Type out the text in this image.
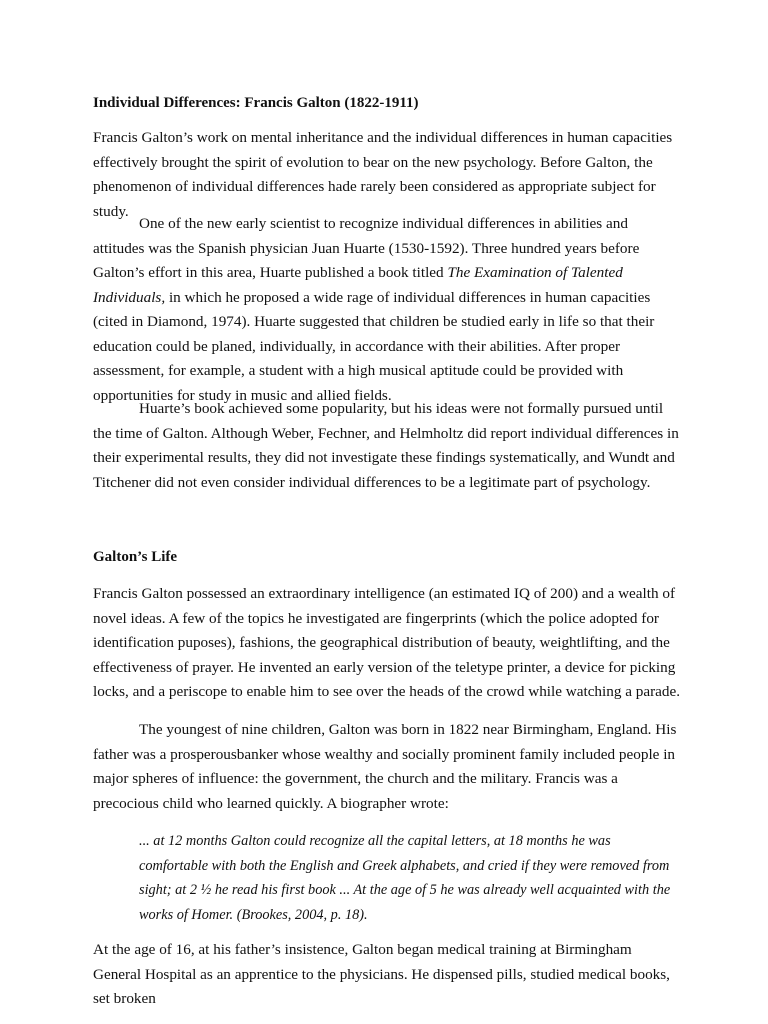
Individual Differences: Francis Galton (1822-1911)

Francis Galton’s work on mental inheritance and the individual differences in human capacities effectively brought the spirit of evolution to bear on the new psychology. Before Galton, the phenomenon of individual differences hade rarely been considered as appropriate subject for study.

One of the new early scientist to recognize individual differences in abilities and attitudes was the Spanish physician Juan Huarte (1530-1592). Three hundred years before Galton’s effort in this area, Huarte published a book titled The Examination of Talented Individuals, in which he proposed a wide rage of individual differences in human capacities (cited in Diamond, 1974). Huarte suggested that children be studied early in life so that their education could be planed, individually, in accordance with their abilities. After proper assessment, for example, a student with a high musical aptitude could be provided with opportunities for study in music and allied fields.

Huarte’s book achieved some popularity, but his ideas were not formally pursued until the time of Galton. Although Weber, Fechner, and Helmholtz did report individual differences in their experimental results, they did not investigate these findings systematically, and Wundt and Titchener did not even consider individual differences to be a legitimate part of psychology.

Galton’s Life

Francis Galton possessed an extraordinary intelligence (an estimated IQ of 200) and a wealth of novel ideas. A few of the topics he investigated are fingerprints (which the police adopted for identification puposes), fashions, the geographical distribution of beauty, weightlifting, and the effectiveness of prayer. He invented an early version of the teletype printer, a device for picking locks, and a periscope to enable him to see over the heads of the crowd while watching a parade.

The youngest of nine children, Galton was born in 1822 near Birmingham, England. His father was a prosperousbanker whose wealthy and socially prominent family included people in major spheres of influence: the government, the church and the military. Francis was a precocious child who learned quickly. A biographer wrote:

... at 12 months Galton could recognize all the capital letters, at 18 months he was comfortable with both the English and Greek alphabets, and cried if they were removed from sight; at 2 ½ he read his first book ... At the age of 5 he was already well acquainted with the works of Homer. (Brookes, 2004, p. 18).

At the age of 16, at his father’s insistence, Galton began medical training at Birmingham General Hospital as an apprentice to the physicians. He dispensed pills, studied medical books, set broken
